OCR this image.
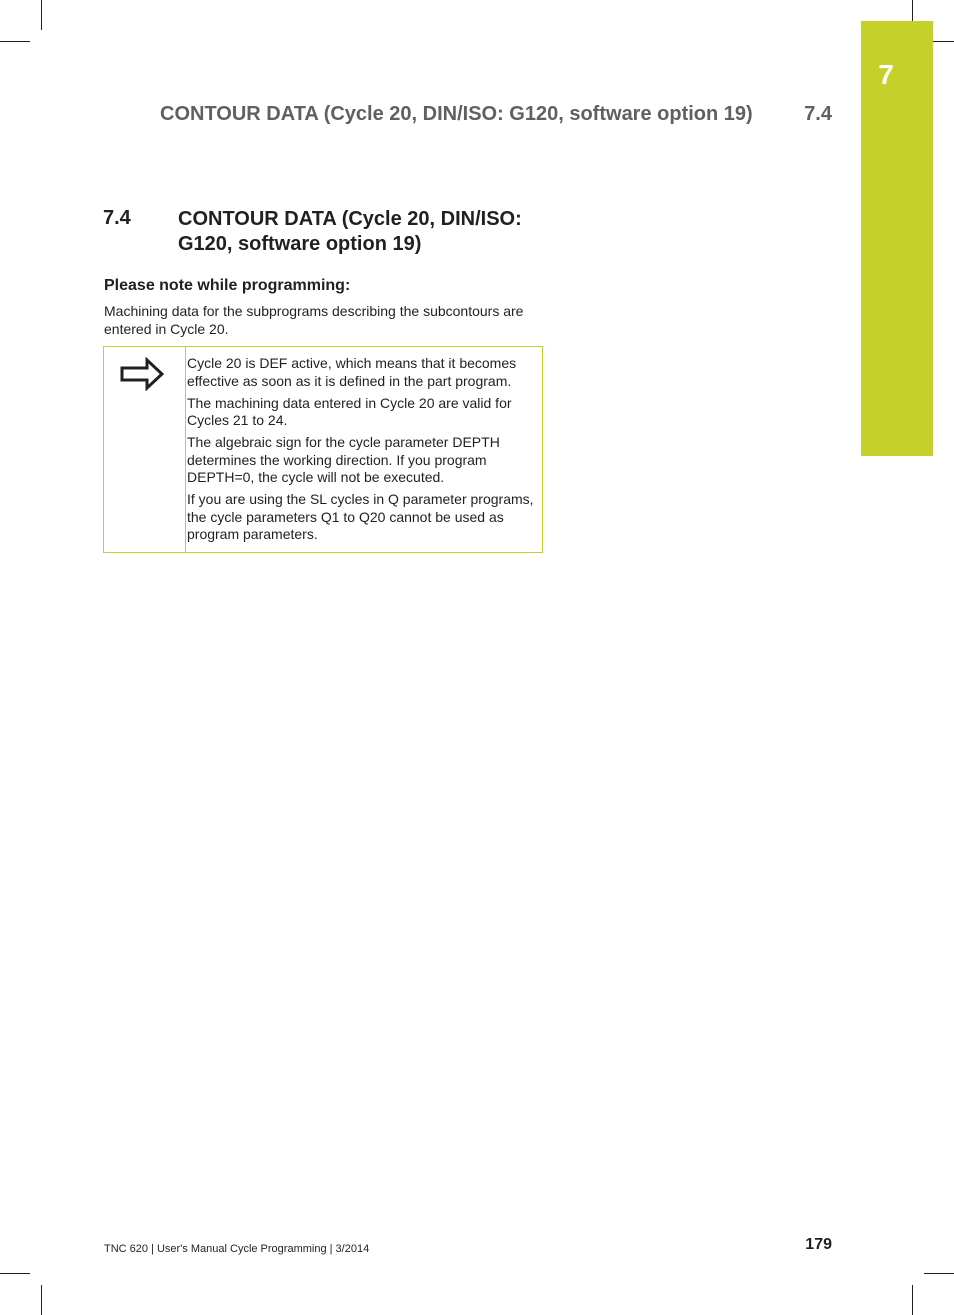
7
CONTOUR DATA (Cycle 20, DIN/ISO: G120, software option 19)	7.4
7.4 CONTOUR DATA (Cycle 20, DIN/ISO:
G120, software option 19)
Please note while programming:
Machining data for the subprograms describing the subcontours are entered in Cycle 20.

Cycle 20 is DEF active, which means that it becomes effective as soon as it is defined in the part program.

The machining data entered in Cycle 20 are valid for Cycles 21 to 24.

The algebraic sign for the cycle parameter DEPTH determines the working direction. If you program DEPTH=0, the cycle will not be executed.

If you are using the SL cycles in Q parameter programs, the cycle parameters Q1 to Q20 cannot be used as program parameters.

TNC 620 | User's Manual Cycle Programming | 3/2014	179
